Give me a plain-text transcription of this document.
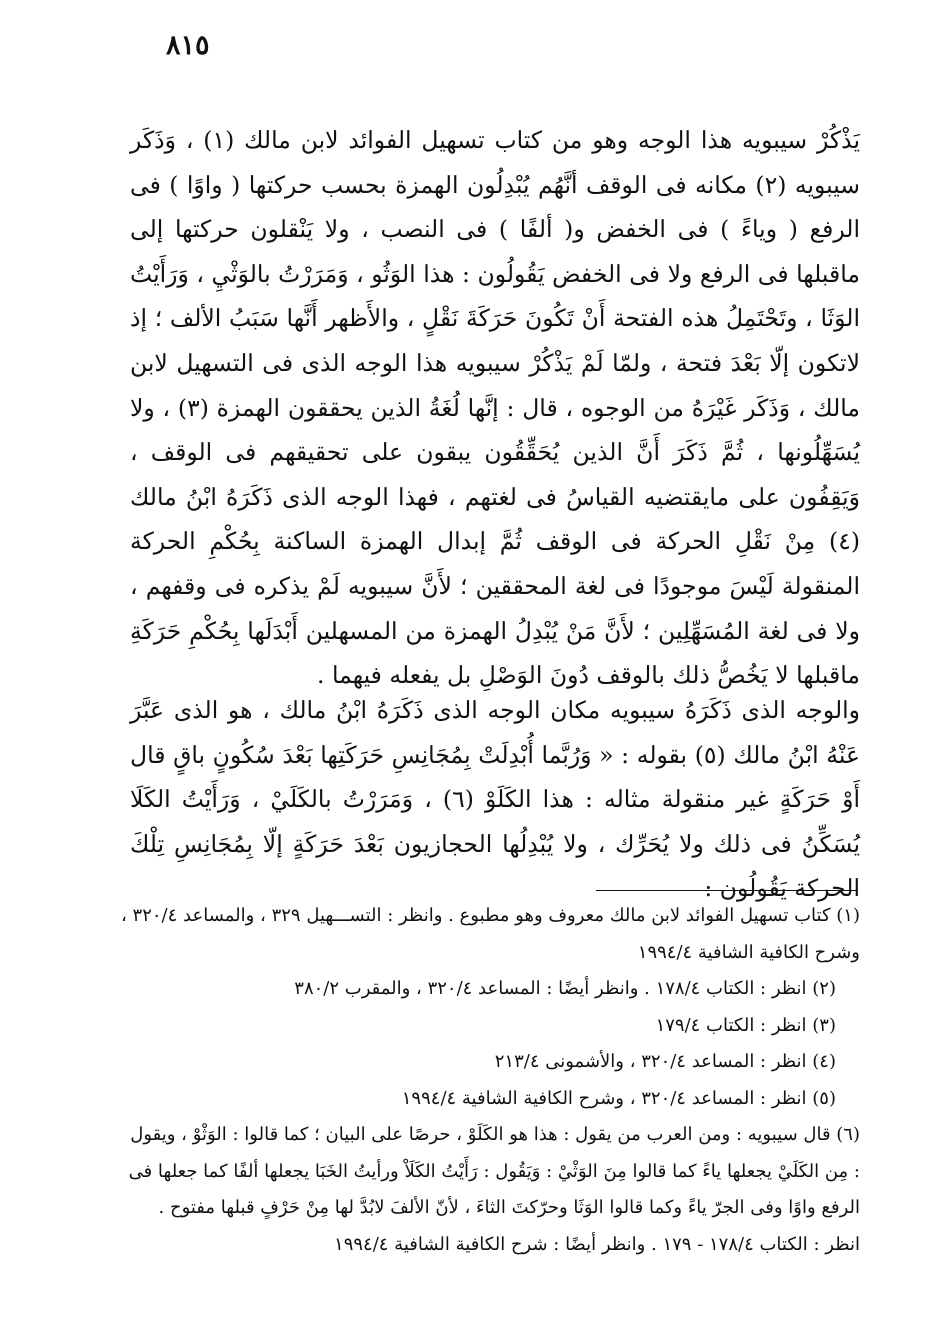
٨١٥

يَذْكُرْ سيبويه هذا الوجه وهو من كتاب تسهيل الفوائد لابن مالك (١) ، وَذَكَر سيبويه (٢) مكانه فى الوقف أنَّهُم يُبْدِلُون الهمزة بحسب حركتها ( واوًا ) فى الرفع ( وياءً ) فى الخفض و( ألفًا ) فى النصب ، ولا يَنْقلون حركتها إلى ماقبلها فى الرفع ولا فى الخفض يَقُولُون : هذا الوَثُو ، وَمَرَرْتُ بالوَثْيِ ، وَرَأَيْتُ الوَثَا ، وتَحْتَمِلُ هذه الفتحة أَنْ تَكُونَ حَرَكَةَ نَقْلٍ ، والأَظهر أَنَّها سَبَبُ الألف ؛ إذ لاتكون إلّا بَعْدَ فتحة ، ولمّا لَمْ يَذْكُرْ سيبويه هذا الوجه الذى فى التسهيل لابن مالك ، وَذَكَر غَيْرَهُ من الوجوه ، قال : إنَّها لُغَةُ الذين يحققون الهمزة (٣) ، ولا يُسَهِّلُونها ، ثُمَّ ذَكَرَ أَنَّ الذين يُحَقِّقُون يبقون على تحقيقهم فى الوقف ، وَيَقِفُون على مايقتضيه القياسُ فى لغتهم ، فهذا الوجه الذى ذَكَرَهُ ابْنُ مالك (٤) مِنْ نَقْلِ الحركة فى الوقف ثُمَّ إبدال الهمزة الساكنة بِحُكْمِ الحركة المنقولة لَيْسَ موجودًا فى لغة المحققين ؛ لأَنَّ سيبويه لَمْ يذكره فى وقفهم ، ولا فى لغة المُسَهِّلِين ؛ لأَنَّ مَنْ يُبْدِلُ الهمزة من المسهلين أَبْدَلَها بِحُكْمِ حَرَكَةِ ماقبلها لا يَخُصُّ ذلك بالوقف دُونَ الوَصْلِ بل يفعله فيهما .

والوجه الذى ذَكَرَهُ سيبويه مكان الوجه الذى ذَكَرَهُ ابْنُ مالك ، هو الذى عَبَّرَ عَنْهُ ابْنُ مالك (٥) بقوله : « وَرُبَّما أُبْدِلَتْ بِمُجَانِسِ حَرَكَتِها بَعْدَ سُكُونٍ باقٍ قال أَوْ حَرَكَةٍ غير منقولة مثاله : هذا الكَلَوْ (٦) ، وَمَرَرْتُ بالكَلَيْ ، وَرَأَيْتُ الكَلَا يُسَكِّنُ فى ذلك ولا يُحَرِّك ، ولا يُبْدِلُها الحجازيون بَعْدَ حَرَكَةٍ إلّا بِمُجَانِسِ تِلْكَ الحركة يَقُولُون :

(١) كتاب تسهيل الفوائد لابن مالك معروف وهو مطبوع . وانظر : التســـهيل ٣٢٩ ، والمساعد ٣٢٠/٤ ، وشرح الكافية الشافية ١٩٩٤/٤
(٢) انظر : الكتاب ١٧٨/٤ . وانظر أيضًا : المساعد ٣٢٠/٤ ، والمقرب ٣٨٠/٢
(٣) انظر : الكتاب ١٧٩/٤
(٤) انظر : المساعد ٣٢٠/٤ ، والأشمونى ٢١٣/٤
(٥) انظر : المساعد ٣٢٠/٤ ، وشرح الكافية الشافية ١٩٩٤/٤
(٦) قال سيبويه : ومن العرب من يقول : هذا هو الكَلَوْ ، حرصًا على البيان ؛ كما قالوا : الوَثْوْ ، ويقول : مِن الكَلَيْ يجعلها ياءً كما قالوا مِنَ الوَثْيْ : وَيَقُول : رَأَيْتُ الكَلَاْ ورأيتُ الخَبَا يجعلها ألفًا كما جعلها فى الرفع واوًا وفى الجرّ ياءً وكما قالوا الوَثَا وحرّكتَ الثاءَ ، لأنّ الألفَ لابُدَّ لها مِنْ حَرْفٍ قبلها مفتوح . انظر : الكتاب ١٧٨/٤ - ١٧٩ . وانظر أيضًا : شرح الكافية الشافية ١٩٩٤/٤
